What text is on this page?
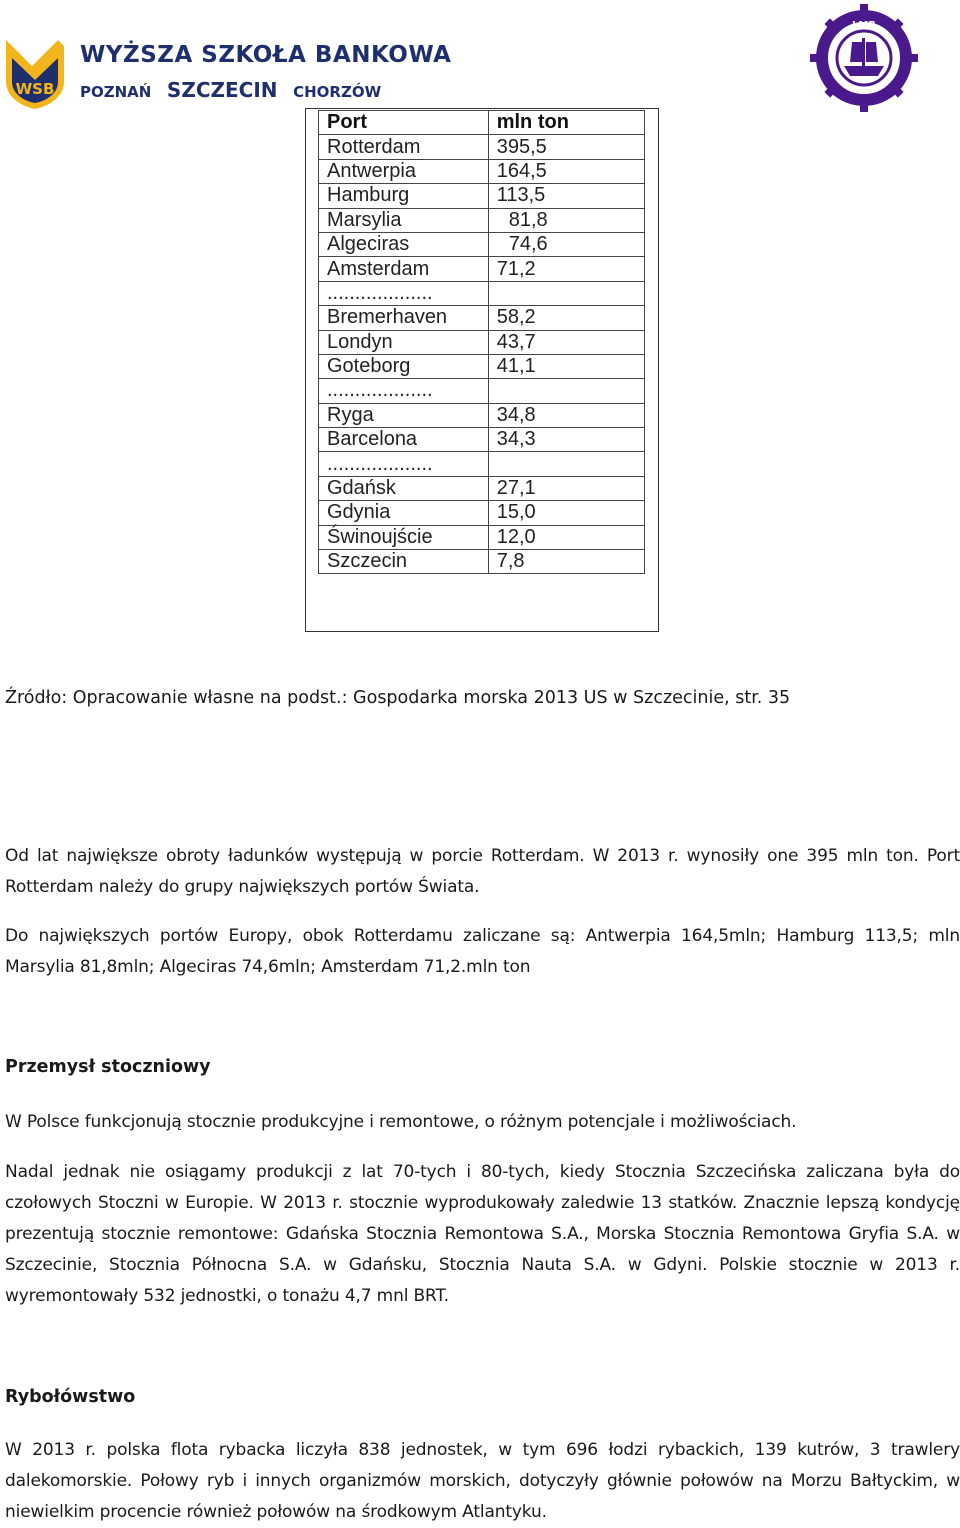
WSB
WYŻSZA SZKOŁA BANKOWA
POZNAŃ SZCZECIN CHORZÓW
LMR
Port	mln ton
Rotterdam	395,5
Antwerpia	164,5
Hamburg	113,5
Marsylia	81,8
Algeciras	74,6
Amsterdam	71,2
...................	
Bremerhaven	58,2
Londyn	43,7
Goteborg	41,1
...................	
Ryga	34,8
Barcelona	34,3
...................	
Gdańsk	27,1
Gdynia	15,0
Świnoujście	12,0
Szczecin	7,8

Źródło: Opracowanie własne na podst.: Gospodarka morska 2013 US w Szczecinie, str. 35

Od lat największe obroty ładunków występują w porcie Rotterdam. W 2013 r. wynosiły one 395 mln ton. Port Rotterdam należy do grupy największych portów Świata.

Do największych portów Europy, obok Rotterdamu zaliczane są: Antwerpia 164,5mln; Hamburg 113,5; mln Marsylia 81,8mln; Algeciras 74,6mln; Amsterdam 71,2.mln ton

Przemysł stoczniowy

W Polsce funkcjonują stocznie produkcyjne i remontowe, o różnym potencjale i możliwościach.

Nadal jednak nie osiągamy produkcji z lat 70-tych i 80-tych, kiedy Stocznia Szczecińska zaliczana była do czołowych Stoczni w Europie. W 2013 r. stocznie wyprodukowały zaledwie 13 statków. Znacznie lepszą kondycję prezentują stocznie remontowe: Gdańska Stocznia Remontowa S.A., Morska Stocznia Remontowa Gryfia S.A. w Szczecinie, Stocznia Północna S.A. w Gdańsku, Stocznia Nauta S.A. w Gdyni. Polskie stocznie w 2013 r. wyremontowały 532 jednostki, o tonażu 4,7 mnl BRT.

Rybołówstwo

W 2013 r. polska flota rybacka liczyła 838 jednostek, w tym 696 łodzi rybackich, 139 kutrów, 3 trawlery dalekomorskie. Połowy ryb i innych organizmów morskich, dotyczyły głównie połowów na Morzu Bałtyckim, w niewielkim procencie również połowów na środkowym Atlantyku.
